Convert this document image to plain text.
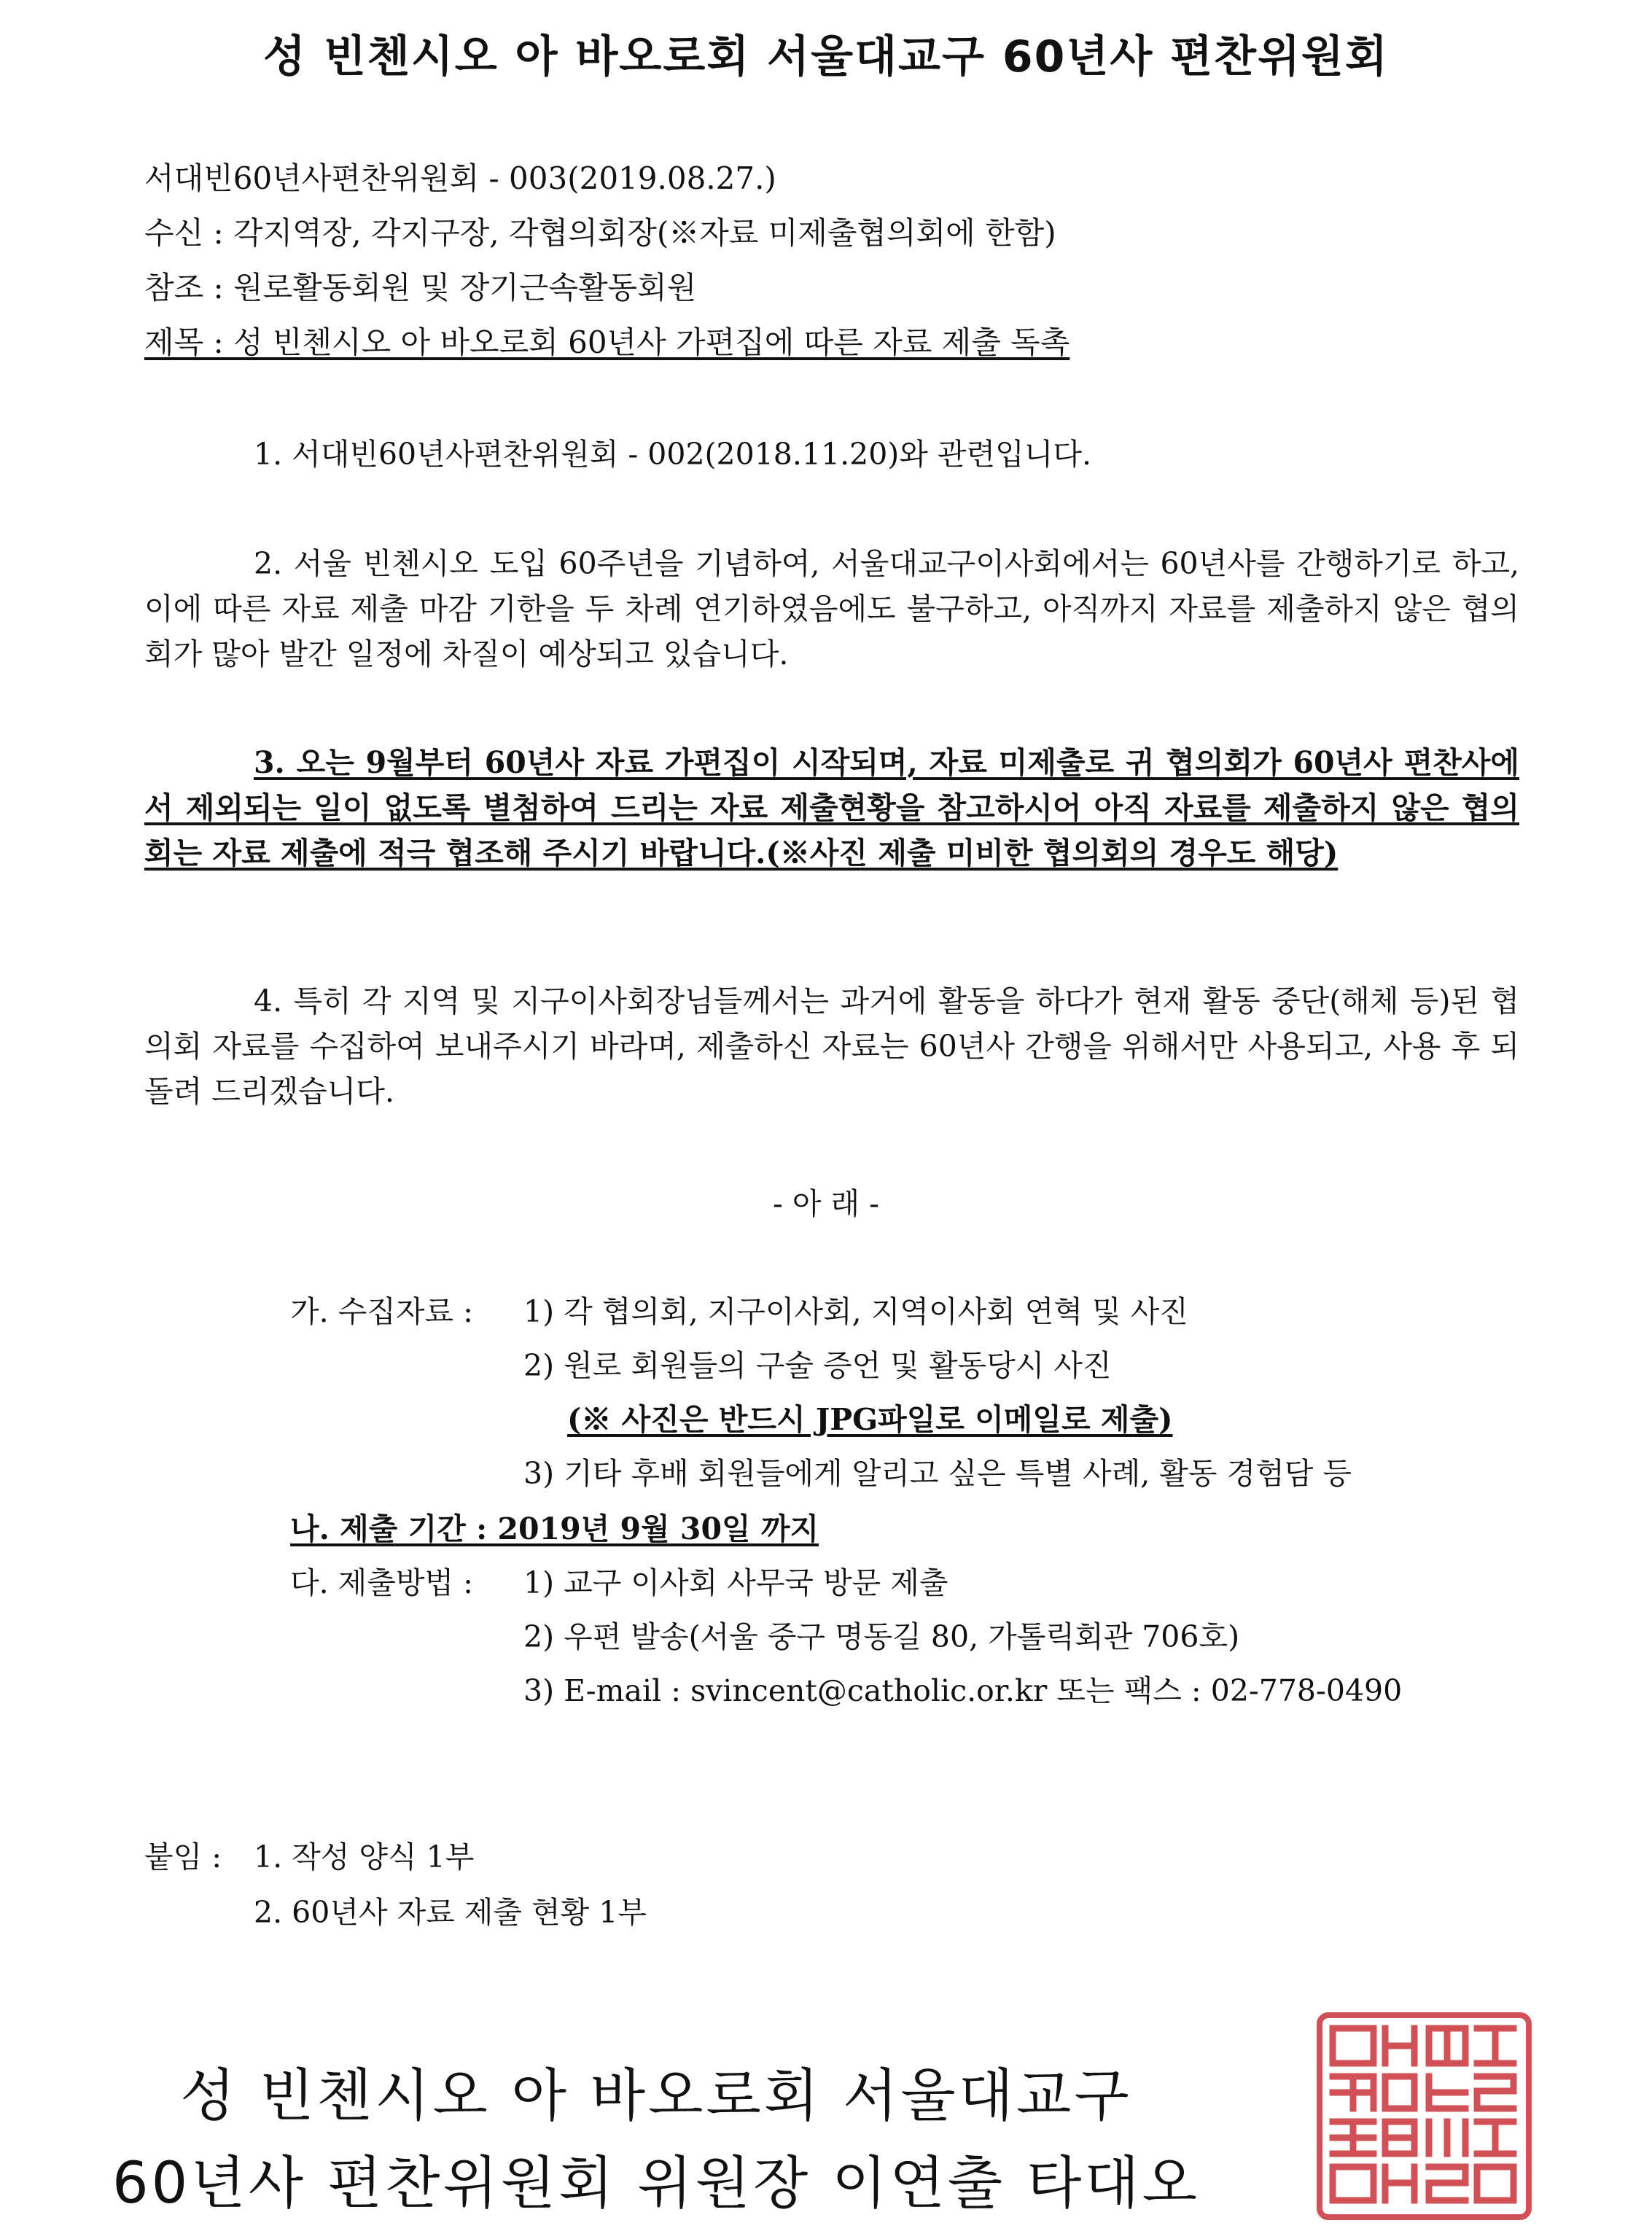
성 빈첸시오 아 바오로회 서울대교구 60년사 편찬위원회
서대빈60년사편찬위원회 - 003(2019.08.27.)
수신 : 각지역장, 각지구장, 각협의회장(※자료 미제출협의회에 한함)
참조 : 원로활동회원 및 장기근속활동회원
제목 : 성 빈첸시오 아 바오로회 60년사 가편집에 따른 자료 제출 독촉
1. 서대빈60년사편찬위원회 - 002(2018.11.20)와 관련입니다.
2. 서울 빈첸시오 도입 60주년을 기념하여, 서울대교구이사회에서는 60년사를 간행하기로 하고, 이에 따른 자료 제출 마감 기한을 두 차례 연기하였음에도 불구하고, 아직까지 자료를 제출하지 않은 협의회가 많아 발간 일정에 차질이 예상되고 있습니다.
3. 오는 9월부터 60년사 자료 가편집이 시작되며, 자료 미제출로 귀 협의회가 60년사 편찬사에서 제외되는 일이 없도록 별첨하여 드리는 자료 제출현황을 참고하시어 아직 자료를 제출하지 않은 협의회는 자료 제출에 적극 협조해 주시기 바랍니다.(※사진 제출 미비한 협의회의 경우도 해당)
4. 특히 각 지역 및 지구이사회장님들께서는 과거에 활동을 하다가 현재 활동 중단(해체 등)된 협의회 자료를 수집하여 보내주시기 바라며, 제출하신 자료는 60년사 간행을 위해서만 사용되고, 사용 후 되돌려 드리겠습니다.
- 아 래 -
가. 수집자료 : 1) 각 협의회, 지구이사회, 지역이사회 연혁 및 사진
2) 원로 회원들의 구술 증언 및 활동당시 사진
(※ 사진은 반드시 JPG파일로 이메일로 제출)
3) 기타 후배 회원들에게 알리고 싶은 특별 사례, 활동 경험담 등
나. 제출 기간 : 2019년 9월 30일 까지
다. 제출방법 : 1) 교구 이사회 사무국 방문 제출
2) 우편 발송(서울 중구 명동길 80, 가톨릭회관 706호)
3) E-mail : svincent@catholic.or.kr 또는 팩스 : 02-778-0490
붙임 : 1. 작성 양식 1부
2. 60년사 자료 제출 현황 1부
성 빈첸시오 아 바오로회 서울대교구
60년사 편찬위원회 위원장 이연출 타대오
